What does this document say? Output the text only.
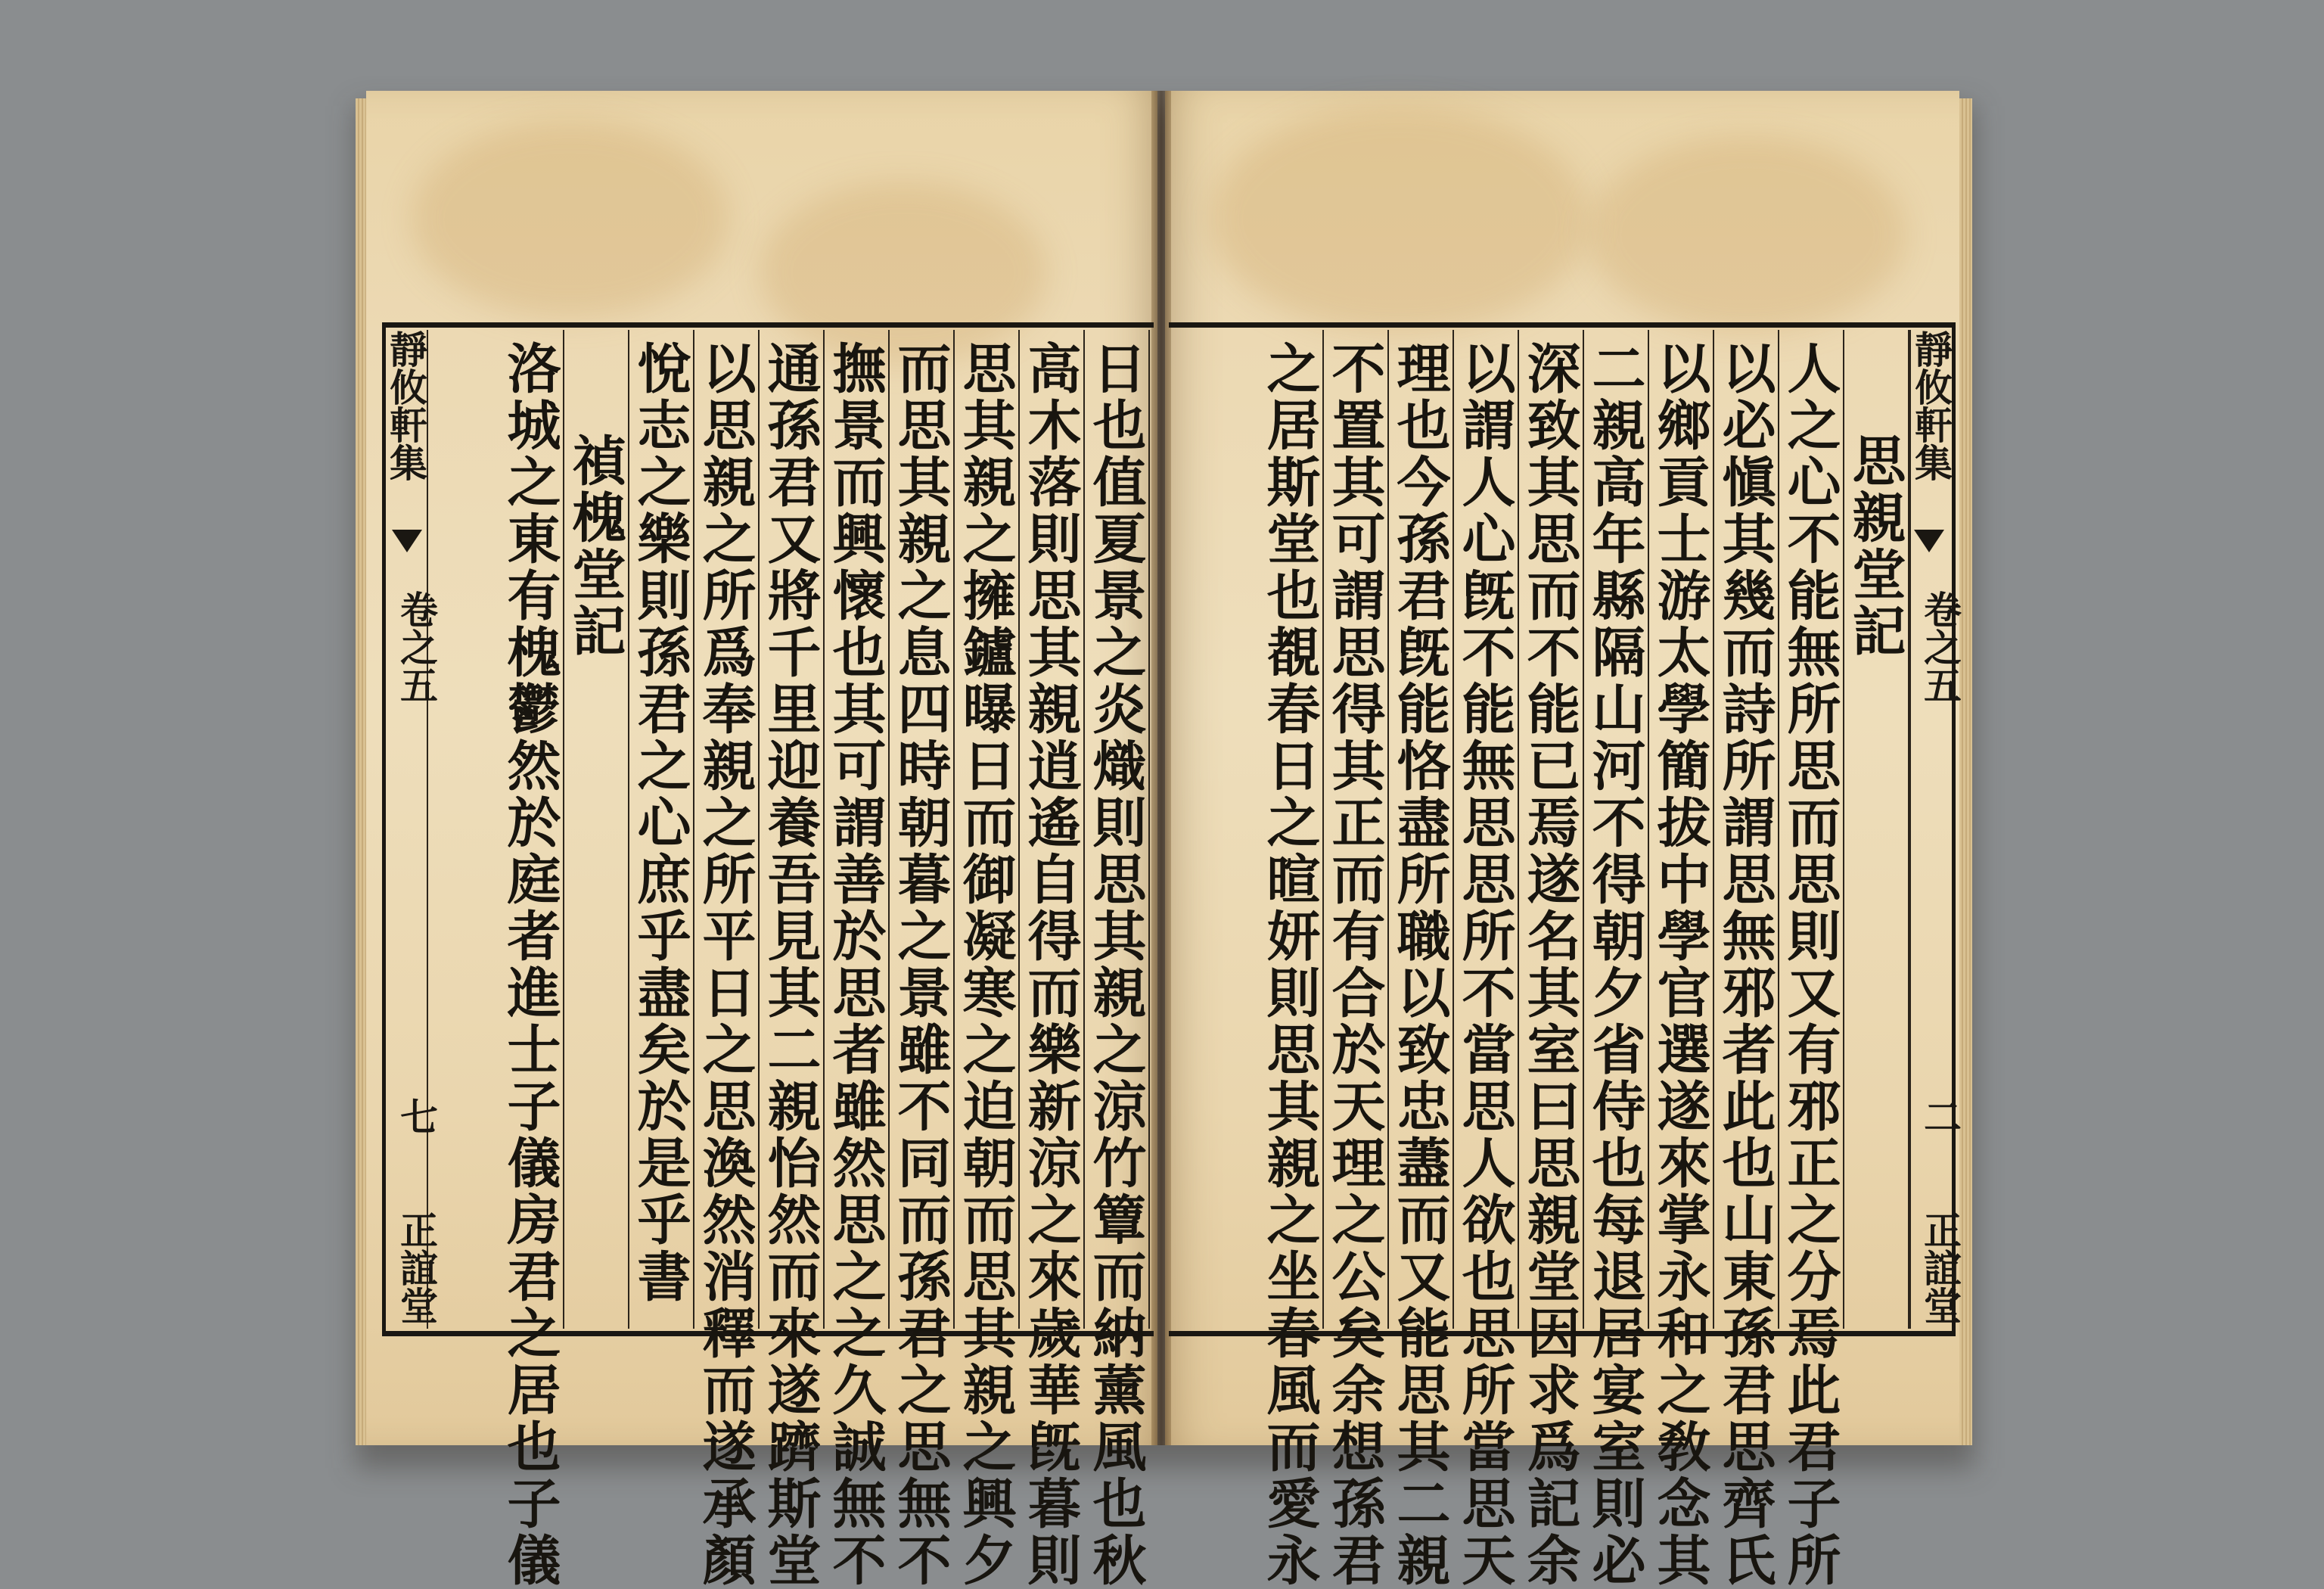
靜攸軒集
卷之五
七
正誼堂	日也值夏景之炎熾則思其親之涼竹簟而納薰風也秋
高木落則思其親逍遙自得而樂新涼之來歲華旣暮則
思其親之擁鑪曝日而御凝寒之迫朝而思其親之興夕
而思其親之息四時朝暮之景雖不同而孫君之思無不
撫景而興懷也其可謂善於思者雖然思之之久誠無不
通孫君又將千里迎養吾見其二親怡然而來遂躋斯堂
以思親之所爲奉親之所平日之思渙然消釋而遂承顏
悅志之樂則孫君之心庶乎盡矣於是乎書
禎槐堂記
洛城之東有槐鬱然於庭者進士子儀房君之居也子儀	思親堂記
人之心不能無所思而思則又有邪正之分焉此君子所
以必愼其幾而詩所謂思無邪者此也山東孫君思齊氏
以鄉貢士游太學簡拔中學官選遂來掌永和之敎念其
二親高年縣隔山河不得朝夕省侍也每退居宴室則必
深致其思而不能已焉遂名其室曰思親堂因求爲記余
以謂人心旣不能無思思所不當思人欲也思所當思天
理也今孫君旣能恪盡所職以致忠藎而又能思其二親
不置其可謂思得其正而有合於天理之公矣余想孫君
之居斯堂也覩春日之暄妍則思其親之坐春風而愛永	靜攸軒集
卷之五
二
正誼堂
